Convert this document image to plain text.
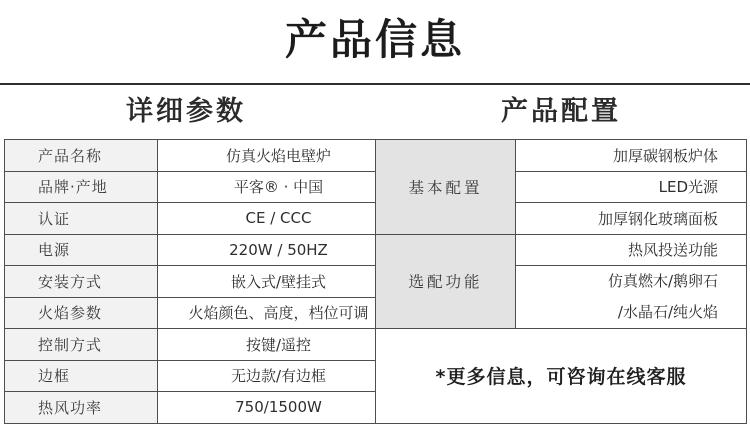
产品信息
详细参数	产品配置
产品名称	仿真火焰电壁炉	基本配置	加厚碳钢板炉体
品牌·产地	平客® · 中国		LED光源
认证	CE / CCC		加厚钢化玻璃面板
电源	220W / 50HZ	选配功能	热风投送功能
安装方式	嵌入式/壁挂式		仿真燃木/鹅卵石
/水晶石/纯火焰

火焰参数	火焰颜色、高度，档位可调		
控制方式	按键/遥控	*更多信息，可咨询在线客服	
边框	无边款/有边框		
热风功率	750/1500W		
